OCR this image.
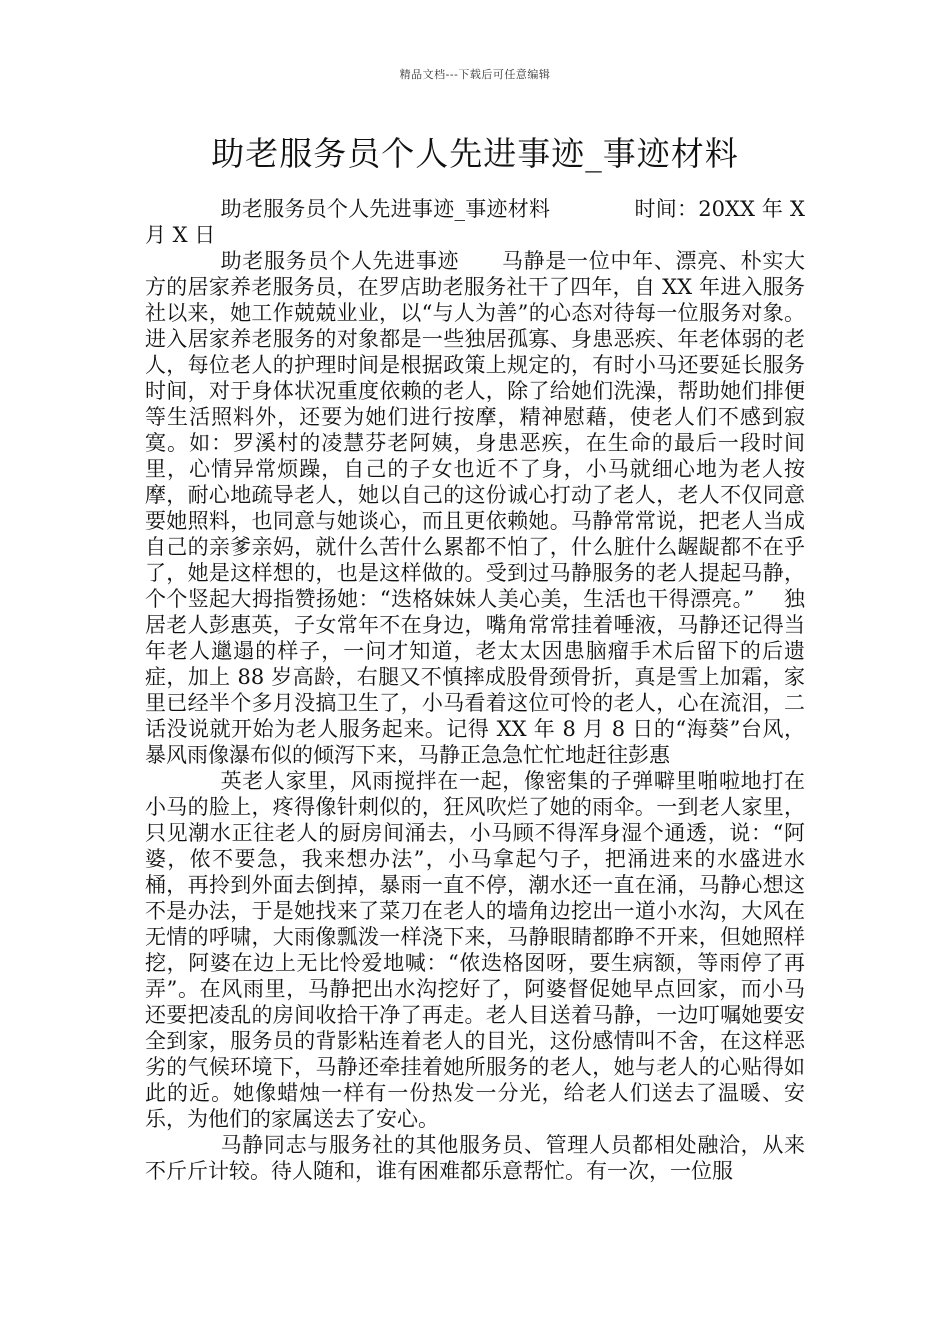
精品文档---下载后可任意编辑
助老服务员个人先进事迹_事迹材料

助老服务员个人先进事迹_事迹材料	时间：20XX 年 X 月 X 日

助老服务员个人先进事迹 马静是一位中年、漂亮、朴实大方的居家养老服务员，在罗店助老服务社干了四年，自 XX 年进入服务社以来，她工作兢兢业业，以“与人为善”的心态对待每一位服务对象。进入居家养老服务的对象都是一些独居孤寡、身患恶疾、年老体弱的老人，每位老人的护理时间是根据政策上规定的，有时小马还要延长服务时间，对于身体状况重度依赖的老人，除了给她们洗澡，帮助她们排便等生活照料外，还要为她们进行按摩，精神慰藉，使老人们不感到寂寞。如：罗溪村的凌慧芬老阿姨，身患恶疾，在生命的最后一段时间里，心情异常烦躁，自己的子女也近不了身，小马就细心地为老人按摩，耐心地疏导老人，她以自己的这份诚心打动了老人，老人不仅同意要她照料，也同意与她谈心，而且更依赖她。马静常常说，把老人当成自己的亲爹亲妈，就什么苦什么累都不怕了，什么脏什么龌龊都不在乎了，她是这样想的，也是这样做的。受到过马静服务的老人提起马静，个个竖起大拇指赞扬她：“迭格妹妹人美心美，生活也干得漂亮。” 独居老人彭惠英，子女常年不在身边，嘴角常常挂着唾液，马静还记得当年老人邋遢的样子，一问才知道，老太太因患脑瘤手术后留下的后遗症，加上 88 岁高龄，右腿又不慎摔成股骨颈骨折，真是雪上加霜，家里已经半个多月没搞卫生了，小马看着这位可怜的老人，心在流泪，二话没说就开始为老人服务起来。记得 XX 年 8 月 8 日的“海葵”台风，暴风雨像瀑布似的倾泻下来，马静正急急忙忙地赶往彭惠

英老人家里，风雨搅拌在一起，像密集的子弹噼里啪啦地打在小马的脸上，疼得像针刺似的，狂风吹烂了她的雨伞。一到老人家里，只见潮水正往老人的厨房间涌去，小马顾不得浑身湿个通透，说：“阿婆，侬不要急，我来想办法”，小马拿起勺子，把涌进来的水盛进水桶，再拎到外面去倒掉，暴雨一直不停，潮水还一直在涌，马静心想这不是办法，于是她找来了菜刀在老人的墙角边挖出一道小水沟，大风在无情的呼啸，大雨像瓢泼一样浇下来，马静眼睛都睁不开来，但她照样挖，阿婆在边上无比怜爱地喊：“侬迭格囡呀，要生病额，等雨停了再弄”。在风雨里，马静把出水沟挖好了，阿婆督促她早点回家，而小马还要把凌乱的房间收拾干净了再走。老人目送着马静，一边叮嘱她要安全到家，服务员的背影粘连着老人的目光，这份感情叫不舍，在这样恶劣的气候环境下，马静还牵挂着她所服务的老人，她与老人的心贴得如此的近。她像蜡烛一样有一份热发一分光，给老人们送去了温暖、安乐，为他们的家属送去了安心。

马静同志与服务社的其他服务员、管理人员都相处融洽，从来不斤斤计较。待人随和，谁有困难都乐意帮忙。有一次，一位服
